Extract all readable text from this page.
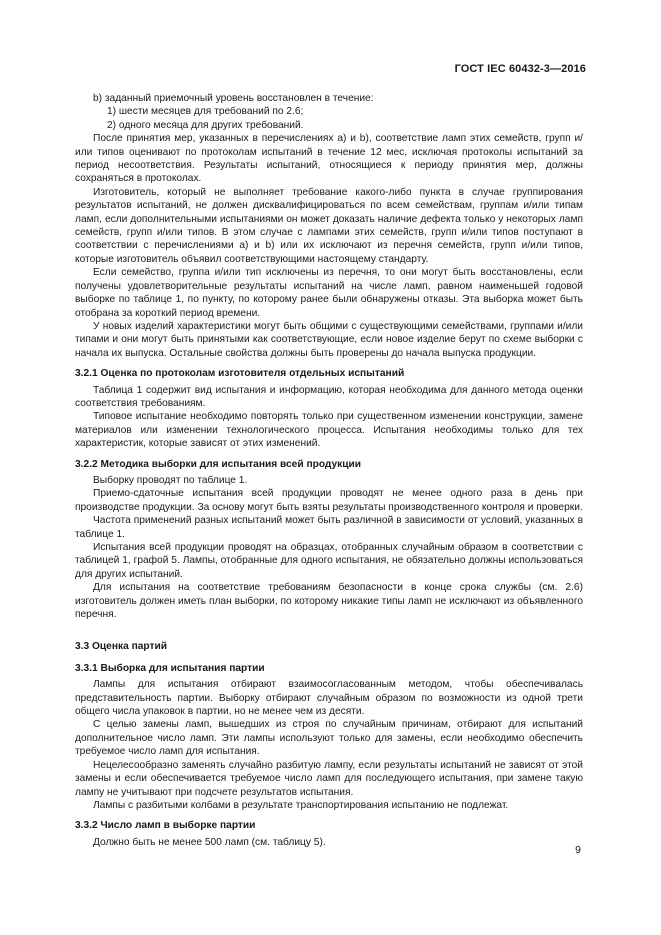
ГОСТ IEC 60432-3—2016

b) заданный приемочный уровень восстановлен в течение:

1) шести месяцев для требований по 2.6;

2) одного месяца для других требований.

После принятия мер, указанных в перечислениях а) и b), соответствие ламп этих семейств, групп и/или типов оценивают по протоколам испытаний в течение 12 мес, исключая протоколы испытаний за период несоответствия. Результаты испытаний, относящиеся к периоду принятия мер, должны сохраняться в протоколах.

Изготовитель, который не выполняет требование какого-либо пункта в случае группирования результатов испытаний, не должен дисквалифицироваться по всем семействам, группам и/или типам ламп, если дополнительными испытаниями он может доказать наличие дефекта только у некоторых ламп семейств, групп и/или типов. В этом случае с лампами этих семейств, групп и/или типов поступают в соответствии с перечислениями а) и b) или их исключают из перечня семейств, групп и/или типов, которые изготовитель объявил соответствующими настоящему стандарту.

Если семейство, группа и/или тип исключены из перечня, то они могут быть восстановлены, если получены удовлетворительные результаты испытаний на числе ламп, равном наименьшей годовой выборке по таблице 1, по пункту, по которому ранее были обнаружены отказы. Эта выборка может быть отобрана за короткий период времени.

У новых изделий характеристики могут быть общими с существующими семействами, группами и/или типами и они могут быть принятыми как соответствующие, если новое изделие берут по схеме выборки с начала их выпуска. Остальные свойства должны быть проверены до начала выпуска продукции.

3.2.1 Оценка по протоколам изготовителя отдельных испытаний

Таблица 1 содержит вид испытания и информацию, которая необходима для данного метода оценки соответствия требованиям.

Типовое испытание необходимо повторять только при существенном изменении конструкции, замене материалов или изменении технологического процесса. Испытания необходимы только для тех характеристик, которые зависят от этих изменений.

3.2.2 Методика выборки для испытания всей продукции

Выборку проводят по таблице 1.

Приемо-сдаточные испытания всей продукции проводят не менее одного раза в день при производстве продукции. За основу могут быть взяты результаты производственного контроля и проверки.

Частота применений разных испытаний может быть различной в зависимости от условий, указанных в таблице 1.

Испытания всей продукции проводят на образцах, отобранных случайным образом в соответствии с таблицей 1, графой 5. Лампы, отобранные для одного испытания, не обязательно должны использоваться для других испытаний.

Для испытания на соответствие требованиям безопасности в конце срока службы (см. 2.6) изготовитель должен иметь план выборки, по которому никакие типы ламп не исключают из объявленного перечня.

3.3 Оценка партий
3.3.1 Выборка для испытания партии

Лампы для испытания отбирают взаимосогласованным методом, чтобы обеспечивалась представительность партии. Выборку отбирают случайным образом по возможности из одной трети общего числа упаковок в партии, но не менее чем из десяти.

С целью замены ламп, вышедших из строя по случайным причинам, отбирают для испытаний дополнительное число ламп. Эти лампы используют только для замены, если необходимо обеспечить требуемое число ламп для испытания.

Нецелесообразно заменять случайно разбитую лампу, если результаты испытаний не зависят от этой замены и если обеспечивается требуемое число ламп для последующего испытания, при замене такую лампу не учитывают при подсчете результатов испытания.

Лампы с разбитыми колбами в результате транспортирования испытанию не подлежат.

3.3.2 Число ламп в выборке партии

Должно быть не менее 500 ламп (см. таблицу 5).

9
